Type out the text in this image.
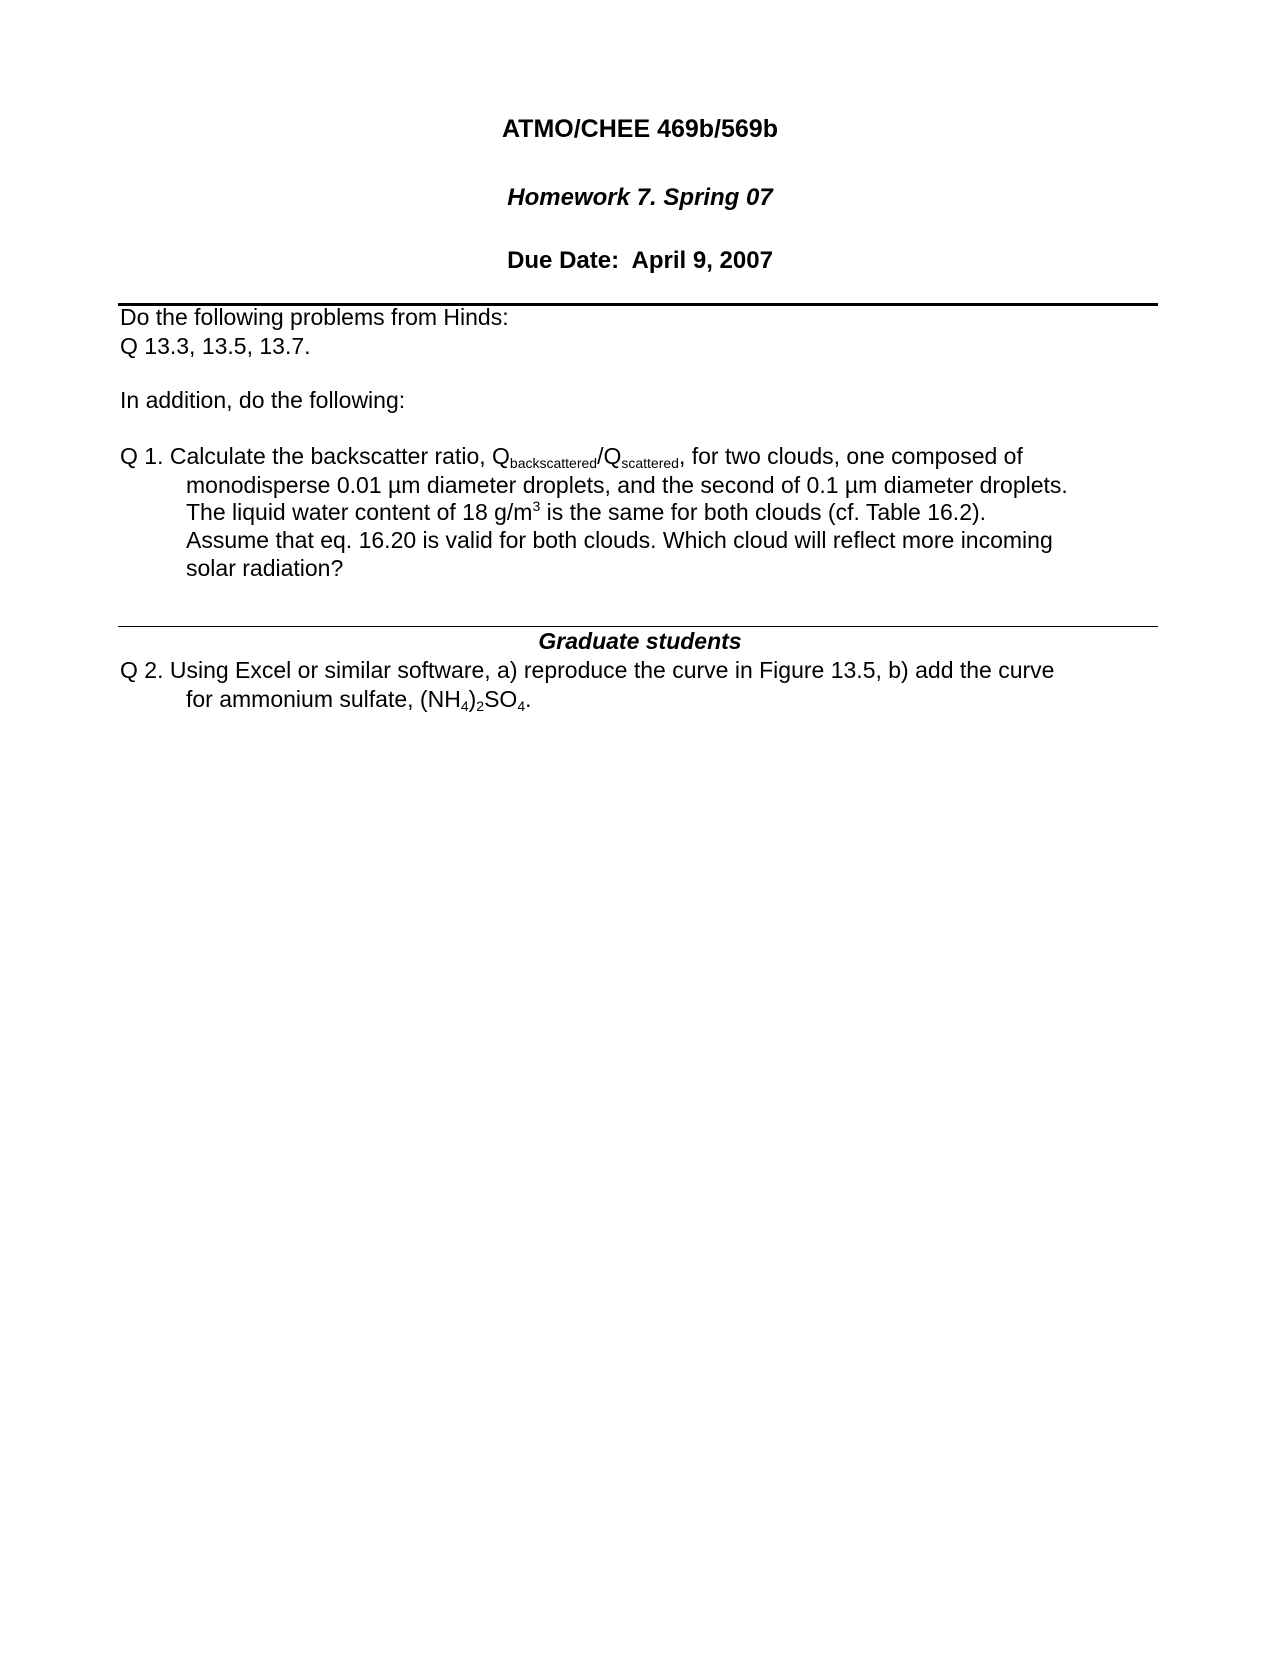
ATMO/CHEE 469b/569b
Homework 7. Spring 07
Due Date:  April 9, 2007
Do the following problems from Hinds:
Q 13.3, 13.5, 13.7.
In addition, do the following:
Q 1. Calculate the backscatter ratio, Qbackscattered/Qscattered, for two clouds, one composed of
monodisperse 0.01 µm diameter droplets, and the second of 0.1 µm diameter droplets.
The liquid water content of 18 $g/m^3$ is the same for both clouds (cf. Table 16.2).
Assume that eq. 16.20 is valid for both clouds. Which cloud will reflect more incoming
solar radiation?
Graduate students
Q 2. Using Excel or similar software, a) reproduce the curve in Figure 13.5, b) add the curve
for ammonium sulfate, (NH4)2SO4.
